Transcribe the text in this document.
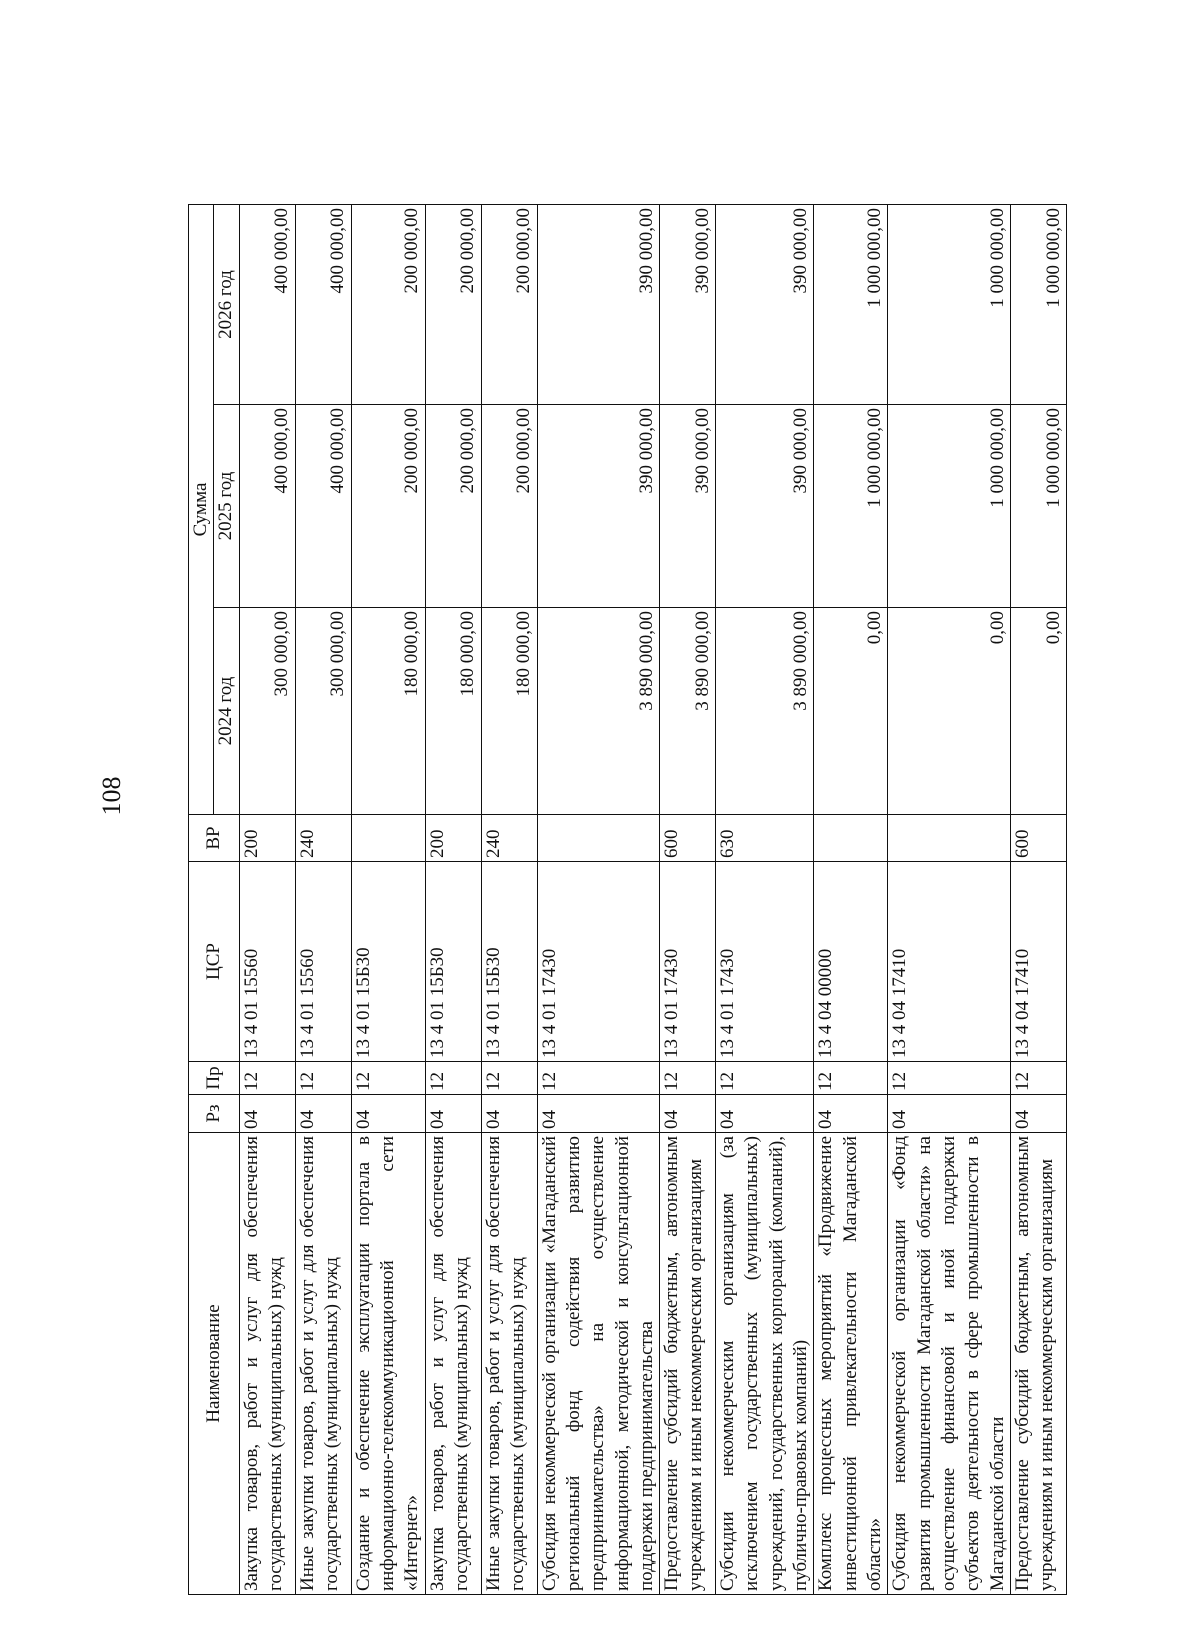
108
Наименование	Рз	Пр	ЦСР	ВР	Сумма		
					2024 год	2025 год	2026 год
Закупка товаров, работ и услуг для обеспечения государственных (муниципальных) нужд	04	12	13 4 01 15560	200	300 000,00	400 000,00	400 000,00
Иные закупки товаров, работ и услуг для обеспечения государственных (муниципальных) нужд	04	12	13 4 01 15560	240	300 000,00	400 000,00	400 000,00
Создание и обеспечение эксплуатации портала в информационно-телекоммуникационной сети «Интернет»	04	12	13 4 01 15Б30		180 000,00	200 000,00	200 000,00
Закупка товаров, работ и услуг для обеспечения государственных (муниципальных) нужд	04	12	13 4 01 15Б30	200	180 000,00	200 000,00	200 000,00
Иные закупки товаров, работ и услуг для обеспечения государственных (муниципальных) нужд	04	12	13 4 01 15Б30	240	180 000,00	200 000,00	200 000,00
Субсидия некоммерческой организации «Магаданский региональный фонд содействия развитию предпринимательства» на осуществление информационной, методической и консультационной поддержки предпринимательства	04	12	13 4 01 17430		3 890 000,00	390 000,00	390 000,00
Предоставление субсидий бюджетным, автономным учреждениям и иным некоммерческим организациям	04	12	13 4 01 17430	600	3 890 000,00	390 000,00	390 000,00
Субсидии некоммерческим организациям (за исключением государственных (муниципальных) учреждений, государственных корпораций (компаний), публично-правовых компаний)	04	12	13 4 01 17430	630	3 890 000,00	390 000,00	390 000,00
Комплекс процессных мероприятий «Продвижение инвестиционной привлекательности Магаданской области»	04	12	13 4 04 00000		0,00	1 000 000,00	1 000 000,00
Субсидия некоммерческой организации «Фонд развития промышленности Магаданской области» на осуществление финансовой и иной поддержки субъектов деятельности в сфере промышленности в Магаданской области	04	12	13 4 04 17410		0,00	1 000 000,00	1 000 000,00
Предоставление субсидий бюджетным, автономным учреждениям и иным некоммерческим организациям	04	12	13 4 04 17410	600	0,00	1 000 000,00	1 000 000,00
